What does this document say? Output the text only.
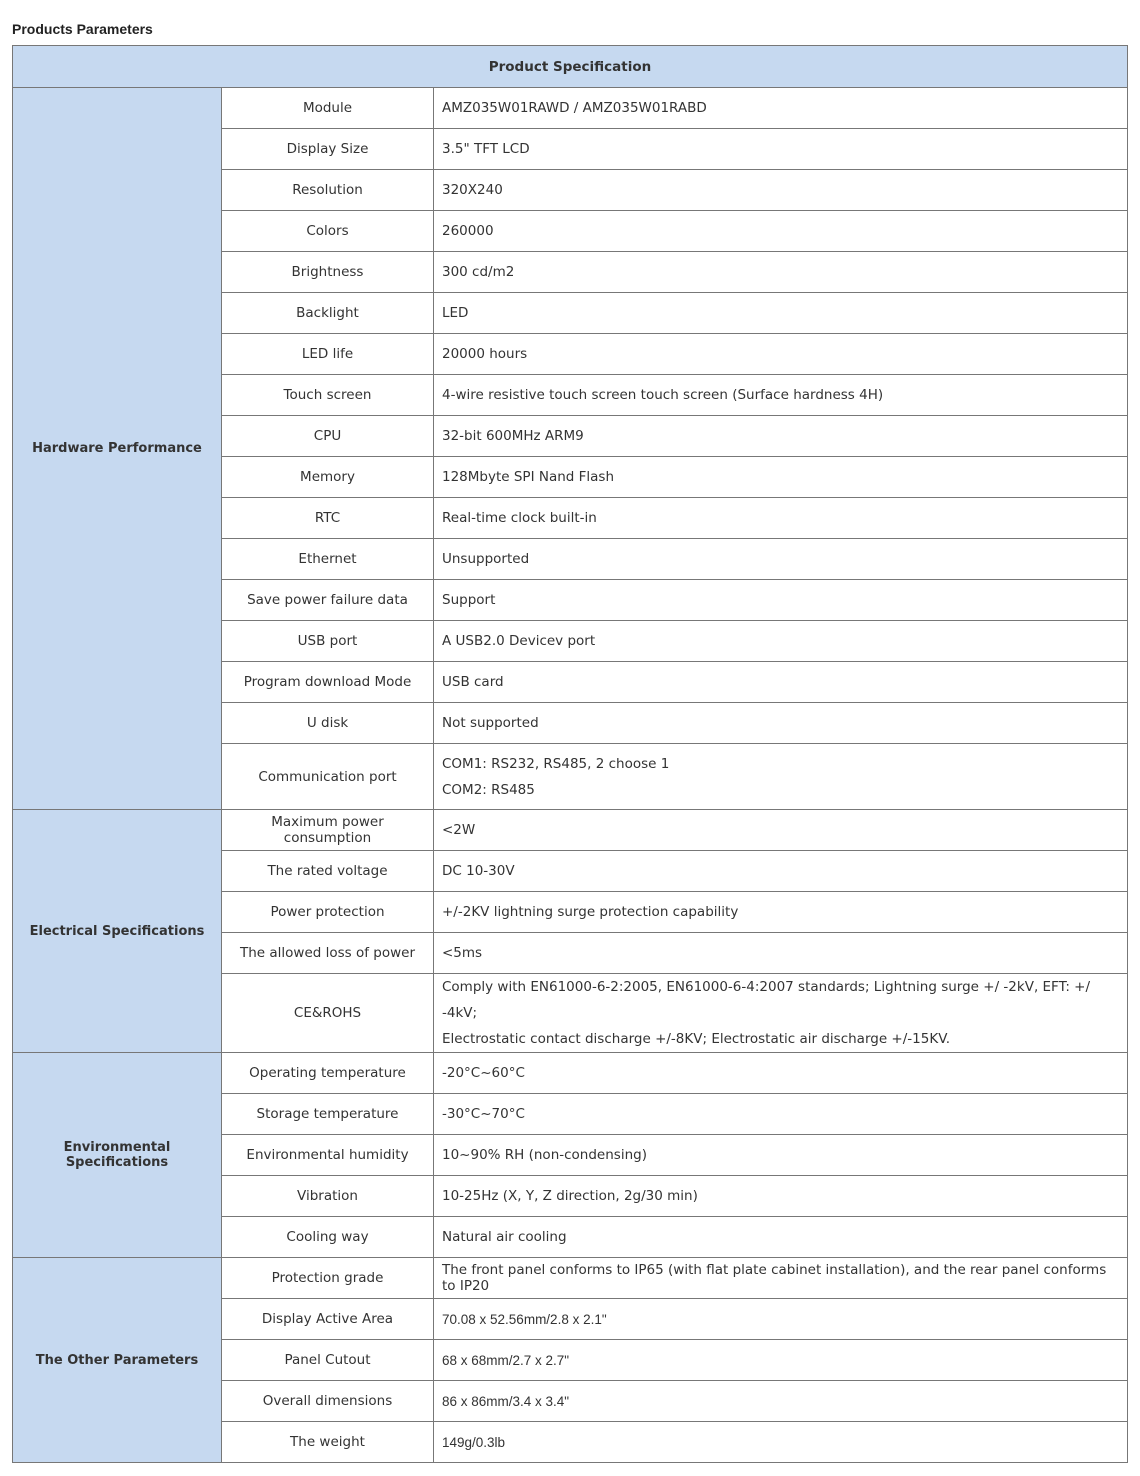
Products Parameters
Product Specification		
Hardware Performance	Module	AMZ035W01RAWD / AMZ035W01RABD
	Display Size	3.5" TFT LCD
	Resolution	320X240
	Colors	260000
	Brightness	300 cd/m2
	Backlight	LED
	LED life	20000 hours
	Touch screen	4-wire resistive touch screen touch screen (Surface hardness 4H)
	CPU	32-bit 600MHz ARM9
	Memory	128Mbyte SPI Nand Flash
	RTC	Real-time clock built-in
	Ethernet	Unsupported
	Save power failure data	Support
	USB port	A USB2.0 Devicev port
	Program download Mode	USB card
	U disk	Not supported
	Communication port	COM1: RS232, RS485, 2 choose 1
COM2: RS485

Electrical Specifications	Maximum power consumption	<2W
	The rated voltage	DC 10-30V
	Power protection	+/-2KV lightning surge protection capability
	The allowed loss of power	<5ms
	CE&ROHS	Comply with EN61000-6-2:2005, EN61000-6-4:2007 standards; Lightning surge +/ -2kV, EFT: +/ -4kV;
Electrostatic contact discharge +/-8KV; Electrostatic air discharge +/-15KV.

Environmental Specifications	Operating temperature	-20°C~60°C
	Storage temperature	-30°C~70°C
	Environmental humidity	10~90% RH (non-condensing)
	Vibration	10-25Hz (X, Y, Z direction, 2g/30 min)
	Cooling way	Natural air cooling
The Other Parameters	Protection grade	The front panel conforms to IP65 (with flat plate cabinet installation), and the rear panel conforms to IP20
	Display Active Area	70.08 x 52.56mm/2.8 x 2.1"
	Panel Cutout	68 x 68mm/2.7 x 2.7"
	Overall dimensions	86 x 86mm/3.4 x 3.4"
	The weight	149g/0.3lb
